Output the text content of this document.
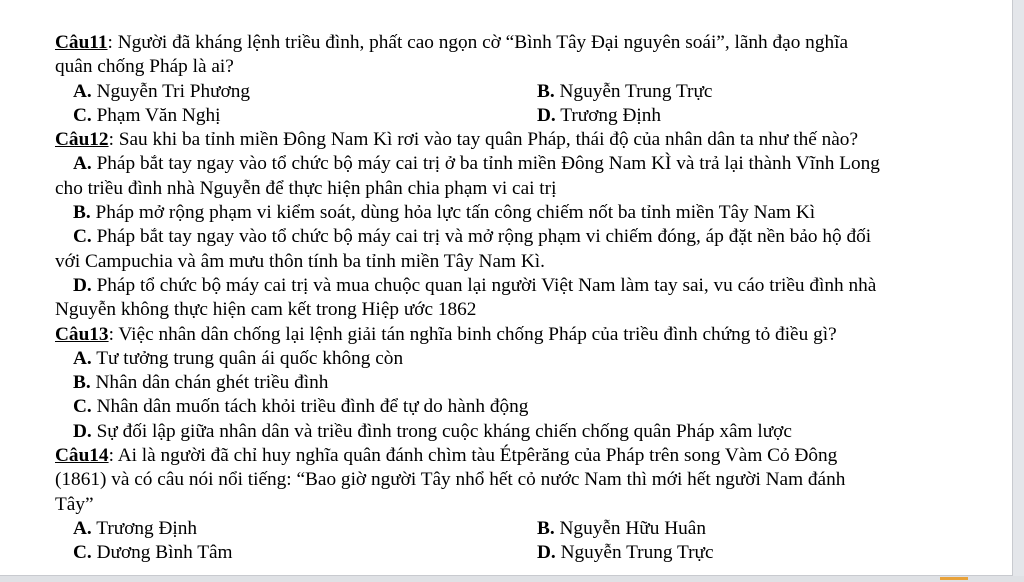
Câu11: Người đã kháng lệnh triều đình, phất cao ngọn cờ “Bình Tây Đại nguyên soái”, lãnh đạo nghĩa
quân chống Pháp là ai?
A. Nguyễn Tri Phương	B. Nguyễn Trung Trực
C. Phạm Văn Nghị	D. Trương Định
Câu12: Sau khi ba tỉnh miền Đông Nam Kì rơi vào tay quân Pháp, thái độ của nhân dân ta như thế nào?
A. Pháp bắt tay ngay vào tổ chức bộ máy cai trị ở ba tỉnh miền Đông Nam KÌ và trả lại thành Vĩnh Long
cho triều đình nhà Nguyễn để thực hiện phân chia phạm vi cai trị
B. Pháp mở rộng phạm vi kiểm soát, dùng hỏa lực tấn công chiếm nốt ba tỉnh miền Tây Nam Kì
C. Pháp bắt tay ngay vào tổ chức bộ máy cai trị và mở rộng phạm vi chiếm đóng, áp đặt nền bảo hộ đối
với Campuchia và âm mưu thôn tính ba tỉnh miền Tây Nam Kì.
D. Pháp tổ chức bộ máy cai trị và mua chuộc quan lại người Việt Nam làm tay sai, vu cáo triều đình nhà
Nguyễn không thực hiện cam kết trong Hiệp ước 1862
Câu13: Việc nhân dân chống lại lệnh giải tán nghĩa binh chống Pháp của triều đình chứng tỏ điều gì?
A. Tư tưởng trung quân ái quốc không còn
B. Nhân dân chán ghét triều đình
C. Nhân dân muốn tách khỏi triều đình để tự do hành động
D. Sự đối lập giữa nhân dân và triều đình trong cuộc kháng chiến chống quân Pháp xâm lược
Câu14: Ai là người đã chỉ huy nghĩa quân đánh chìm tàu Étpêrăng của Pháp trên song Vàm Cỏ Đông
(1861) và có câu nói nổi tiếng: “Bao giờ người Tây nhổ hết cỏ nước Nam thì mới hết người Nam đánh
Tây”
A. Trương Định	B. Nguyễn Hữu Huân
C. Dương Bình Tâm	D. Nguyễn Trung Trực
